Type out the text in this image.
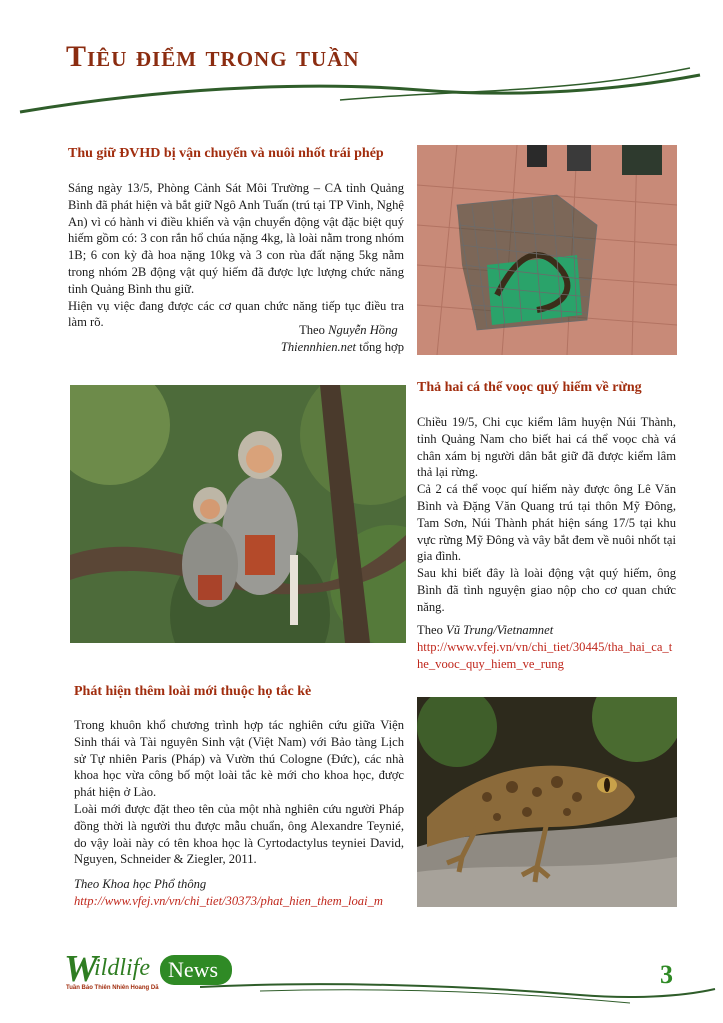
Tiêu điểm trong tuần
Thu giữ ĐVHD bị vận chuyển và nuôi nhốt trái phép

Sáng ngày 13/5, Phòng Cảnh Sát Môi Trường – CA tỉnh Quảng Bình đã phát hiện và bắt giữ Ngô Anh Tuấn (trú tại TP Vinh, Nghệ An) vì có hành vi điều khiển và vận chuyển động vật đặc biệt quý hiếm gồm có: 3 con rắn hổ chúa nặng 4kg, là loài nằm trong nhóm 1B; 6 con kỳ đà hoa nặng 10kg và 3 con rùa đất nặng 5kg nằm trong nhóm 2B động vật quý hiếm đã được lực lượng chức năng tỉnh Quảng Bình thu giữ.

Hiện vụ việc đang được các cơ quan chức năng tiếp tục điều tra làm rõ.

Theo Nguyễn Hồng
Thiennhien.net tổng hợp
Thả hai cá thể voọc quý hiếm về rừng

Chiều 19/5, Chi cục kiểm lâm huyện Núi Thành, tỉnh Quảng Nam cho biết hai cá thể voọc chà vá chân xám bị người dân bắt giữ đã được kiểm lâm thả lại rừng.

Cả 2 cá thể voọc quí hiếm này được ông Lê Văn Bình và Đặng Văn Quang trú tại thôn Mỹ Đông, Tam Sơn, Núi Thành phát hiện sáng 17/5 tại khu vực rừng Mỹ Đông và vây bắt đem về nuôi nhốt tại gia đình.

Sau khi biết đây là loài động vật quý hiếm, ông Bình đã tình nguyện giao nộp cho cơ quan chức năng.

Theo Vũ Trung/Vietnamnet
http://www.vfej.vn/vn/chi_tiet/30445/tha_hai_ca_the_vooc_quy_hiem_ve_rung
Phát hiện thêm loài mới thuộc họ tắc kè

Trong khuôn khổ chương trình hợp tác nghiên cứu giữa Viện Sinh thái và Tài nguyên Sinh vật (Việt Nam) với Bảo tàng Lịch sử Tự nhiên Paris (Pháp) và Vườn thú Cologne (Đức), các nhà khoa học vừa công bố một loài tắc kè mới cho khoa học, được phát hiện ở Lào.

Loài mới được đặt theo tên của một nhà nghiên cứu người Pháp đồng thời là người thu được mẫu chuẩn, ông Alexandre Teynié, do vậy loài này có tên khoa học là Cyrtodactylus teyniei David, Nguyen, Schneider & Ziegler, 2011.

Theo Khoa học Phổ thông
http://www.vfej.vn/vn/chi_tiet/30373/phat_hien_them_loai_m
W
ildlife News
Tuần Báo Thiên Nhiên Hoang Dã	3
